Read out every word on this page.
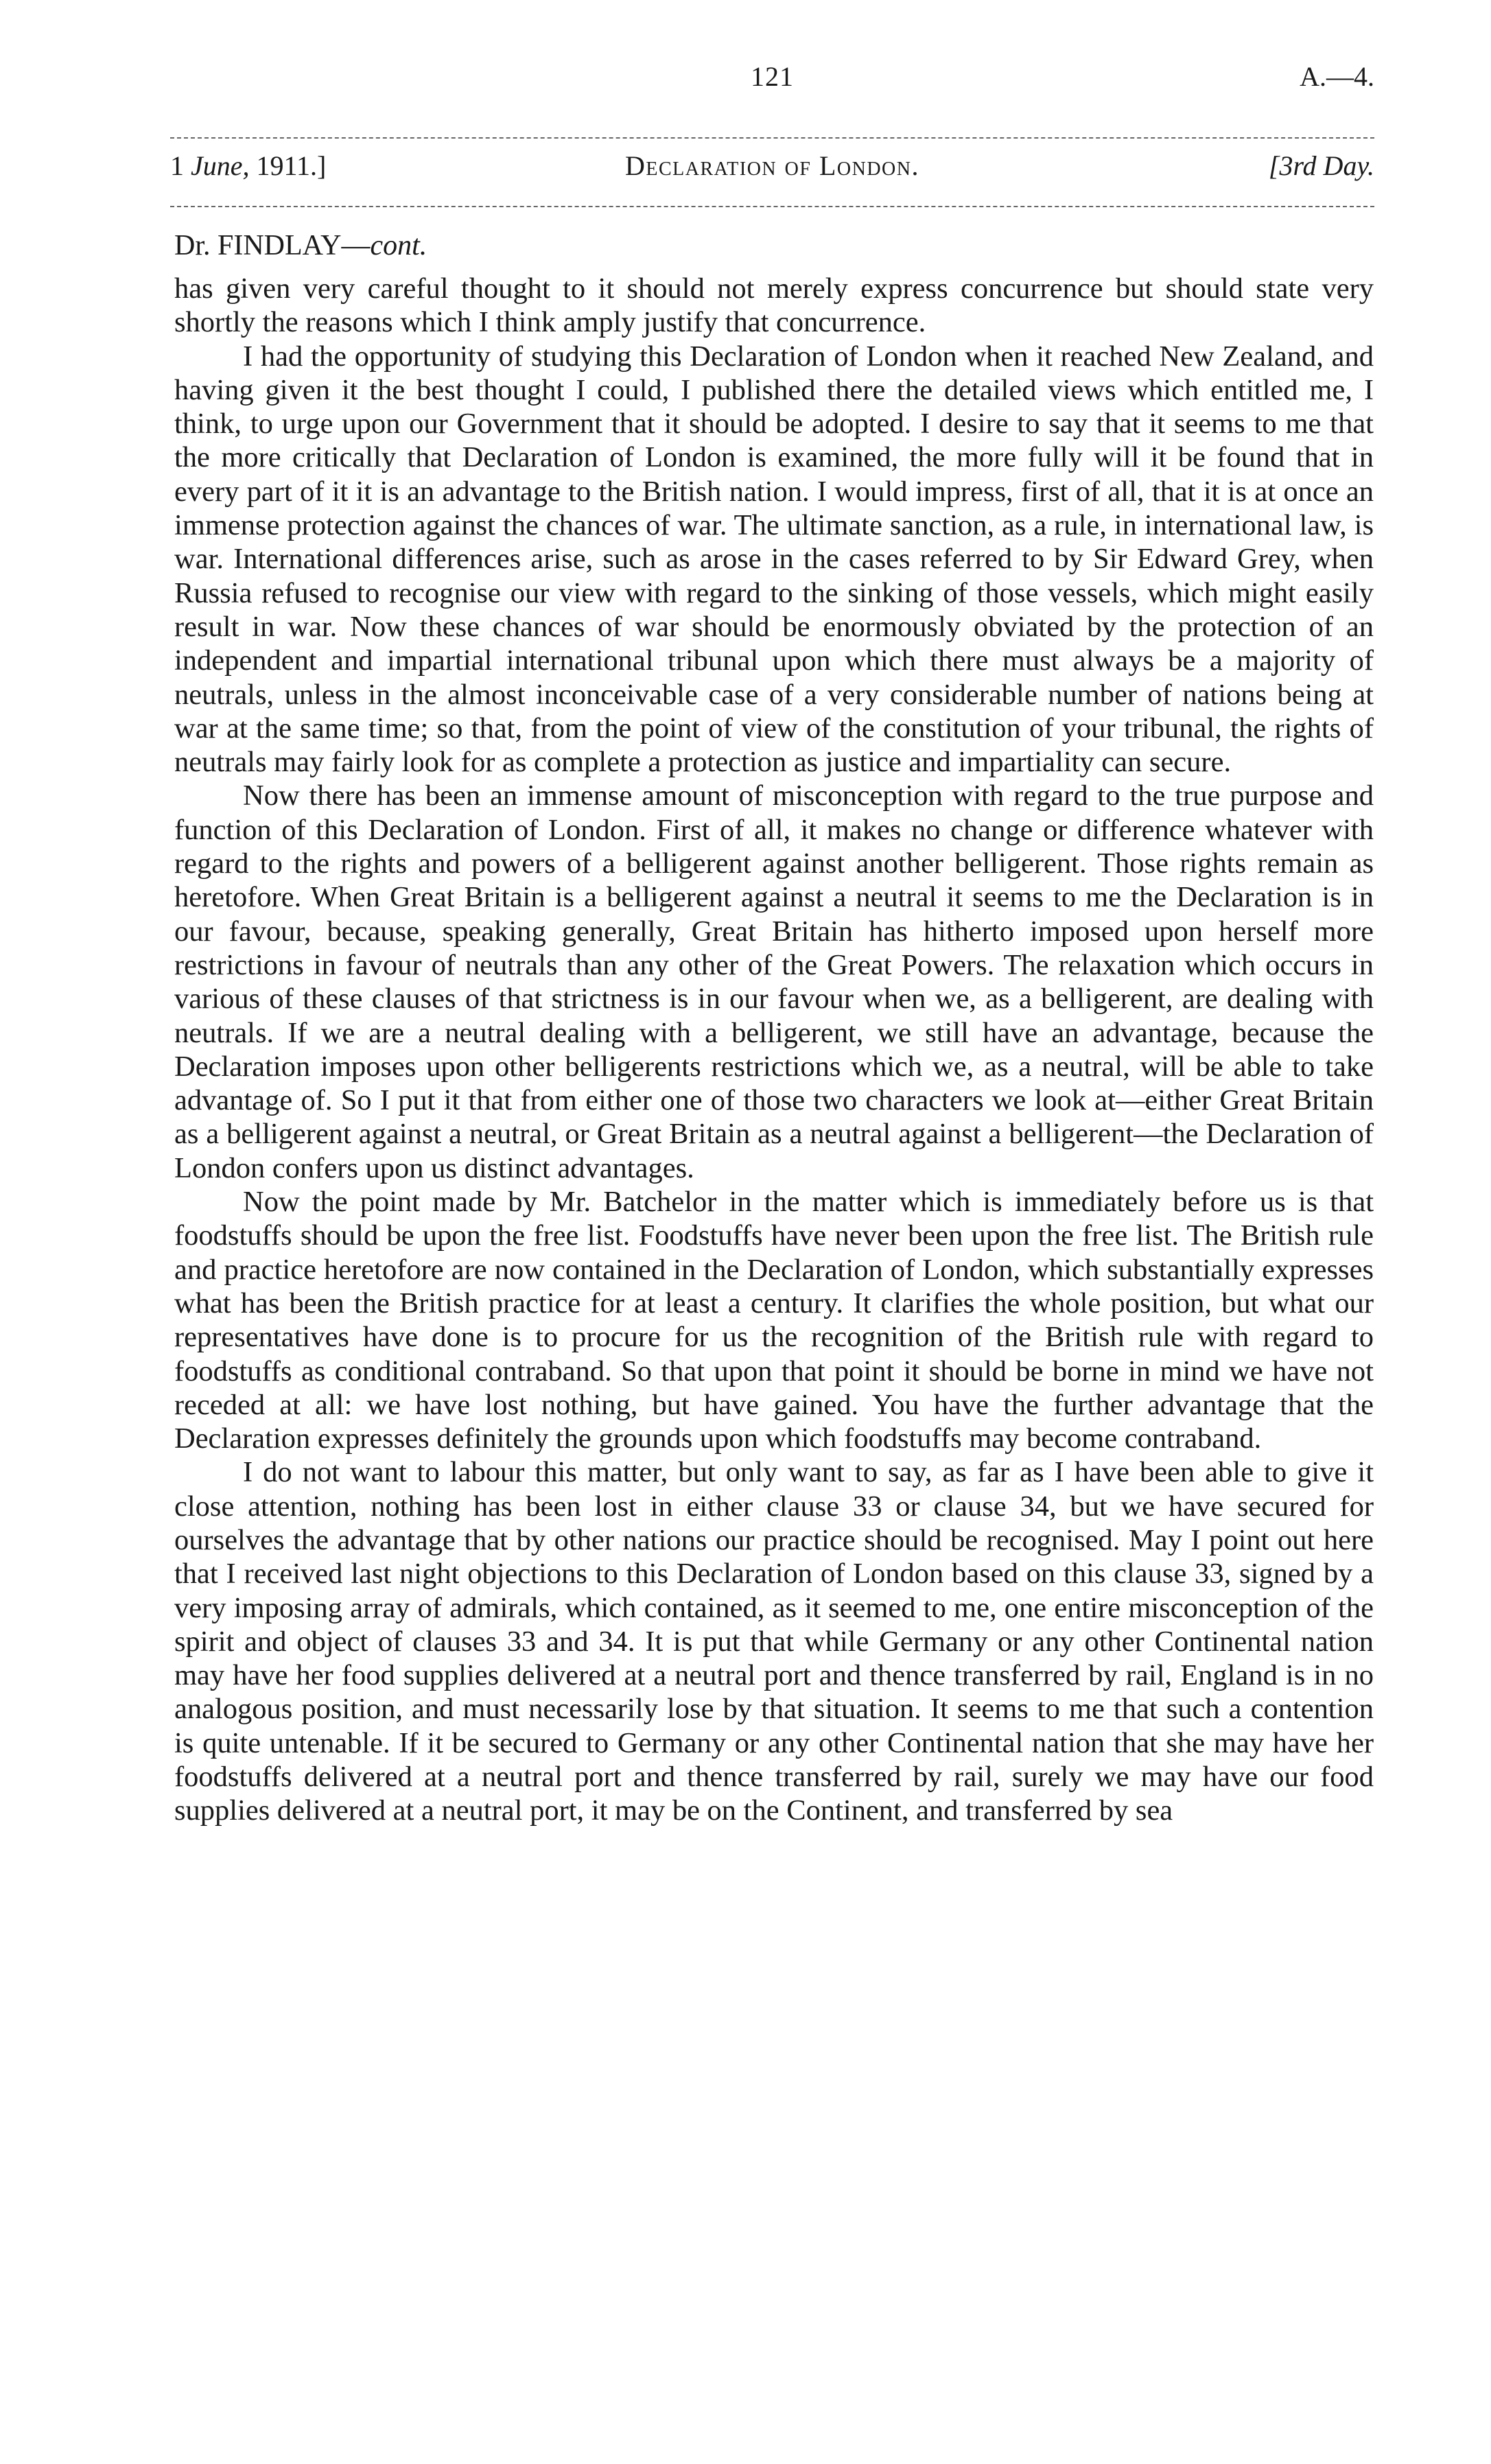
121	A.—4.
1 June, 1911.]	Declaration of London.	[3rd Day.
Dr. FINDLAY—cont.

has given very careful thought to it should not merely express concurrence but should state very shortly the reasons which I think amply justify that concurrence.

I had the opportunity of studying this Declaration of London when it reached New Zealand, and having given it the best thought I could, I published there the detailed views which entitled me, I think, to urge upon our Government that it should be adopted. I desire to say that it seems to me that the more critically that Declaration of London is examined, the more fully will it be found that in every part of it it is an advantage to the British nation. I would impress, first of all, that it is at once an immense protection against the chances of war. The ultimate sanction, as a rule, in international law, is war. International differences arise, such as arose in the cases referred to by Sir Edward Grey, when Russia refused to recognise our view with regard to the sinking of those vessels, which might easily result in war. Now these chances of war should be enormously obviated by the protection of an independent and impartial international tribunal upon which there must always be a majority of neutrals, unless in the almost inconceivable case of a very considerable number of nations being at war at the same time; so that, from the point of view of the constitution of your tribunal, the rights of neutrals may fairly look for as complete a protection as justice and impartiality can secure.

Now there has been an immense amount of misconception with regard to the true purpose and function of this Declaration of London. First of all, it makes no change or difference whatever with regard to the rights and powers of a belligerent against another belligerent. Those rights remain as heretofore. When Great Britain is a belligerent against a neutral it seems to me the Declaration is in our favour, because, speaking generally, Great Britain has hitherto imposed upon herself more restrictions in favour of neutrals than any other of the Great Powers. The relaxation which occurs in various of these clauses of that strictness is in our favour when we, as a belligerent, are dealing with neutrals. If we are a neutral dealing with a belligerent, we still have an advantage, because the Declaration imposes upon other belligerents restrictions which we, as a neutral, will be able to take advantage of. So I put it that from either one of those two characters we look at—either Great Britain as a belligerent against a neutral, or Great Britain as a neutral against a belligerent—the Declaration of London confers upon us distinct advantages.

Now the point made by Mr. Batchelor in the matter which is immediately before us is that foodstuffs should be upon the free list. Foodstuffs have never been upon the free list. The British rule and practice heretofore are now contained in the Declaration of London, which substantially expresses what has been the British practice for at least a century. It clarifies the whole position, but what our representatives have done is to procure for us the recognition of the British rule with regard to foodstuffs as conditional contraband. So that upon that point it should be borne in mind we have not receded at all: we have lost nothing, but have gained. You have the further advantage that the Declaration expresses definitely the grounds upon which foodstuffs may become contraband.

I do not want to labour this matter, but only want to say, as far as I have been able to give it close attention, nothing has been lost in either clause 33 or clause 34, but we have secured for ourselves the advantage that by other nations our practice should be recognised. May I point out here that I received last night objections to this Declaration of London based on this clause 33, signed by a very imposing array of admirals, which contained, as it seemed to me, one entire misconception of the spirit and object of clauses 33 and 34. It is put that while Germany or any other Continental nation may have her food supplies delivered at a neutral port and thence transferred by rail, England is in no analogous position, and must necessarily lose by that situation. It seems to me that such a contention is quite untenable. If it be secured to Germany or any other Continental nation that she may have her foodstuffs delivered at a neutral port and thence transferred by rail, surely we may have our food supplies delivered at a neutral port, it may be on the Continent, and transferred by sea
